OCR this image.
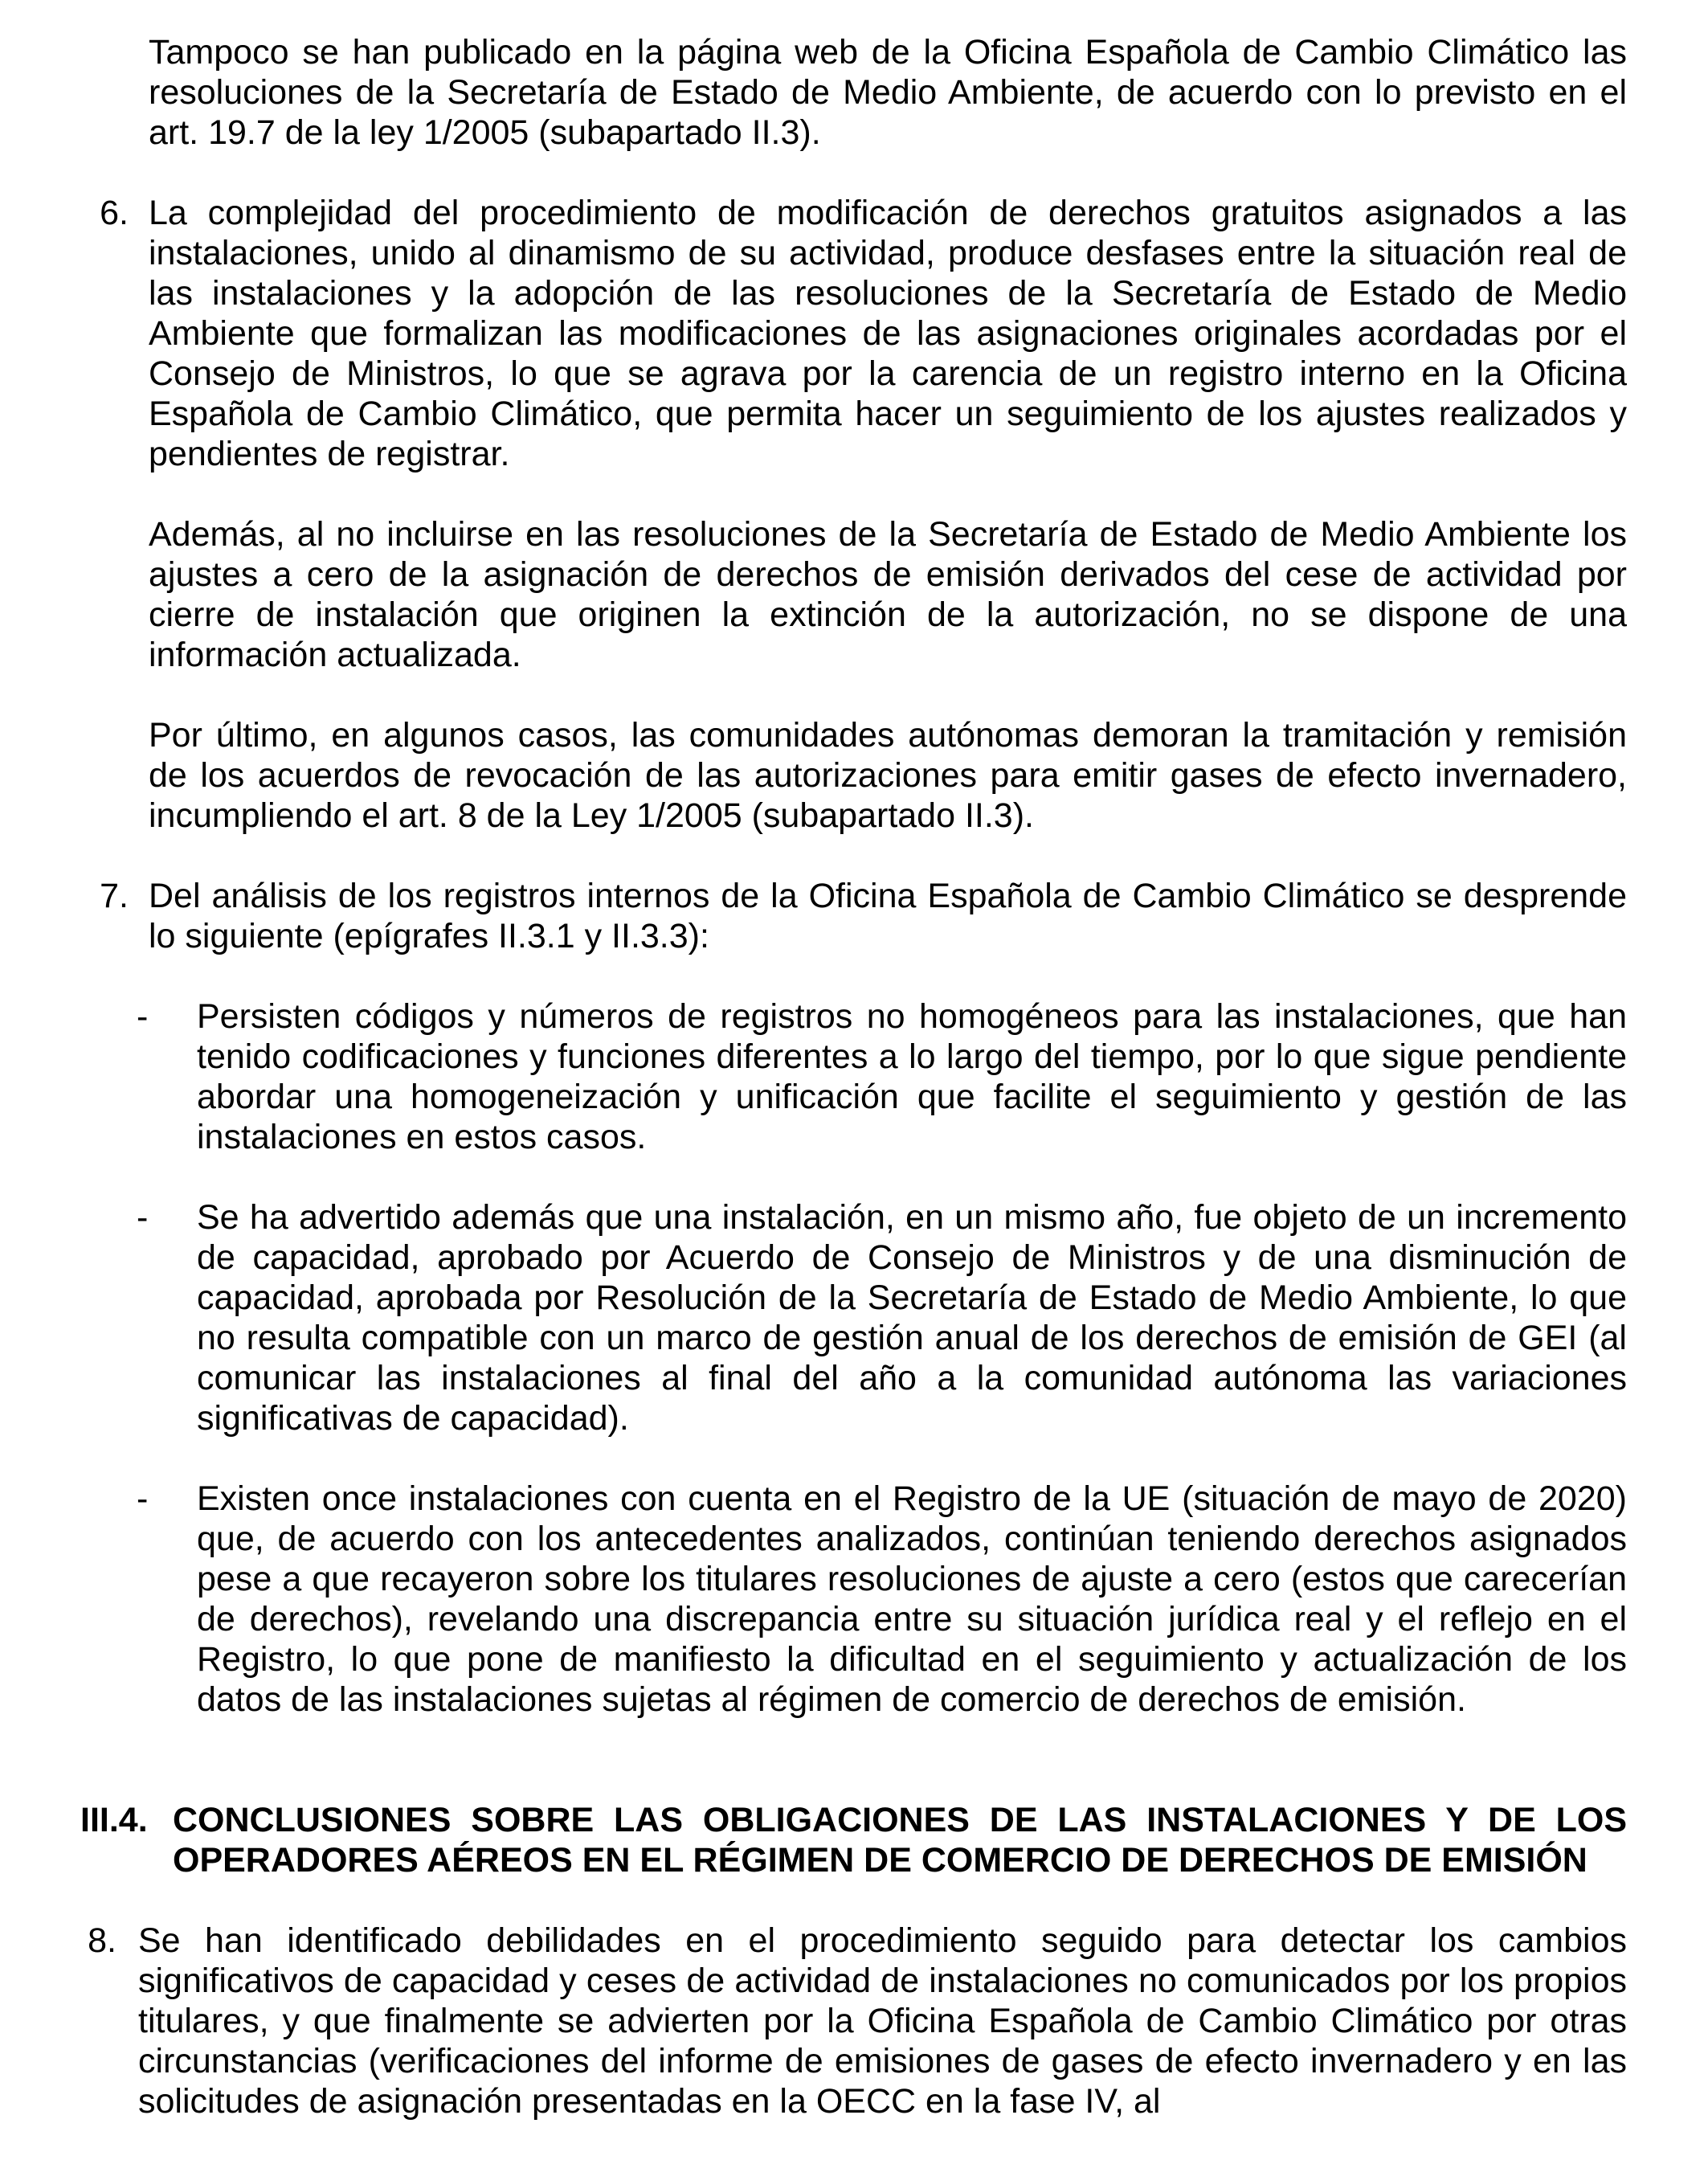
Tampoco se han publicado en la página web de la Oficina Española de Cambio Climático las resoluciones de la Secretaría de Estado de Medio Ambiente, de acuerdo con lo previsto en el art. 19.7 de la ley 1/2005 (subapartado II.3).

6. La complejidad del procedimiento de modificación de derechos gratuitos asignados a las instalaciones, unido al dinamismo de su actividad, produce desfases entre la situación real de las instalaciones y la adopción de las resoluciones de la Secretaría de Estado de Medio Ambiente que formalizan las modificaciones de las asignaciones originales acordadas por el Consejo de Ministros, lo que se agrava por la carencia de un registro interno en la Oficina Española de Cambio Climático, que permita hacer un seguimiento de los ajustes realizados y pendientes de registrar.

Además, al no incluirse en las resoluciones de la Secretaría de Estado de Medio Ambiente los ajustes a cero de la asignación de derechos de emisión derivados del cese de actividad por cierre de instalación que originen la extinción de la autorización, no se dispone de una información actualizada.

Por último, en algunos casos, las comunidades autónomas demoran la tramitación y remisión de los acuerdos de revocación de las autorizaciones para emitir gases de efecto invernadero, incumpliendo el art. 8 de la Ley 1/2005 (subapartado II.3).

7. Del análisis de los registros internos de la Oficina Española de Cambio Climático se desprende lo siguiente (epígrafes II.3.1 y II.3.3):

- Persisten códigos y números de registros no homogéneos para las instalaciones, que han tenido codificaciones y funciones diferentes a lo largo del tiempo, por lo que sigue pendiente abordar una homogeneización y unificación que facilite el seguimiento y gestión de las instalaciones en estos casos.

- Se ha advertido además que una instalación, en un mismo año, fue objeto de un incremento de capacidad, aprobado por Acuerdo de Consejo de Ministros y de una disminución de capacidad, aprobada por Resolución de la Secretaría de Estado de Medio Ambiente, lo que no resulta compatible con un marco de gestión anual de los derechos de emisión de GEI (al comunicar las instalaciones al final del año a la comunidad autónoma las variaciones significativas de capacidad).

- Existen once instalaciones con cuenta en el Registro de la UE (situación de mayo de 2020) que, de acuerdo con los antecedentes analizados, continúan teniendo derechos asignados pese a que recayeron sobre los titulares resoluciones de ajuste a cero (estos que carecerían de derechos), revelando una discrepancia entre su situación jurídica real y el reflejo en el Registro, lo que pone de manifiesto la dificultad en el seguimiento y actualización de los datos de las instalaciones sujetas al régimen de comercio de derechos de emisión.

III.4. CONCLUSIONES SOBRE LAS OBLIGACIONES DE LAS INSTALACIONES Y DE LOS OPERADORES AÉREOS EN EL RÉGIMEN DE COMERCIO DE DERECHOS DE EMISIÓN
8. Se han identificado debilidades en el procedimiento seguido para detectar los cambios significativos de capacidad y ceses de actividad de instalaciones no comunicados por los propios titulares, y que finalmente se advierten por la Oficina Española de Cambio Climático por otras circunstancias (verificaciones del informe de emisiones de gases de efecto invernadero y en las solicitudes de asignación presentadas en la OECC en la fase IV, al
